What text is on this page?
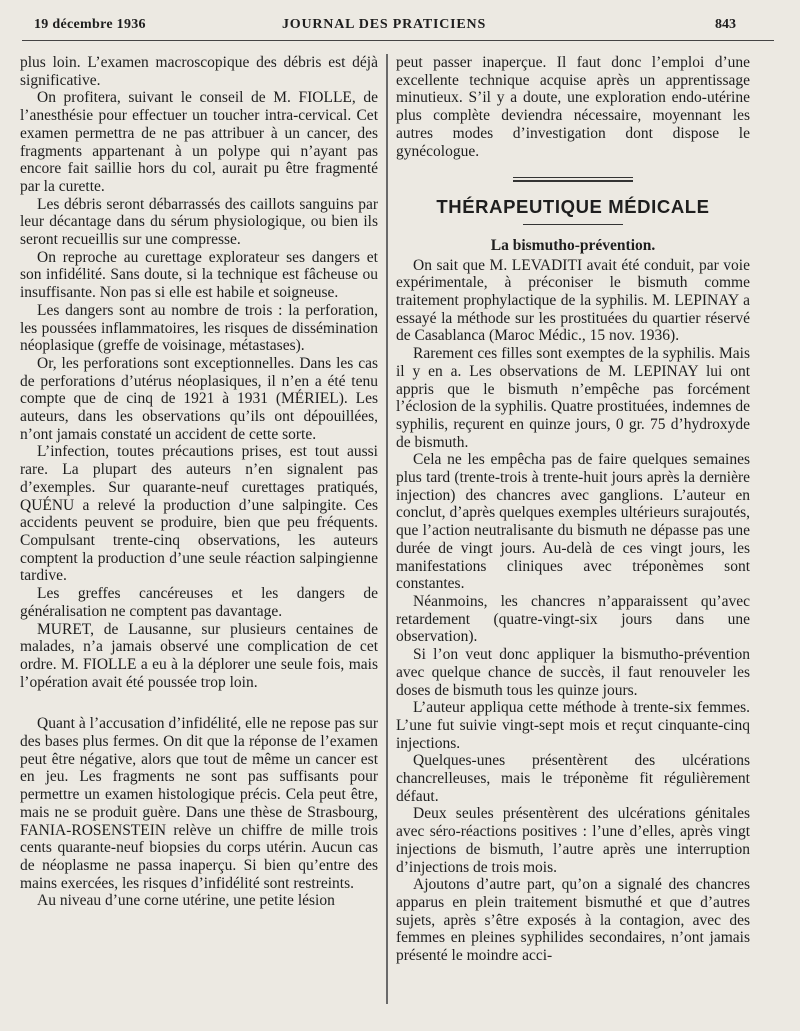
19 décembre 1936	JOURNAL DES PRATICIENS	843

plus loin. L’examen macroscopique des débris est déjà significative.

On profitera, suivant le conseil de M. FIOLLE, de l’anesthésie pour effectuer un toucher intra-cervical. Cet examen permettra de ne pas attribuer à un cancer, des fragments appartenant à un polype qui n’ayant pas encore fait saillie hors du col, aurait pu être fragmenté par la curette.

Les débris seront débarrassés des caillots sanguins par leur décantage dans du sérum physiologique, ou bien ils seront recueillis sur une compresse.

On reproche au curettage explorateur ses dangers et son infidélité. Sans doute, si la technique est fâcheuse ou insuffisante. Non pas si elle est habile et soigneuse.

Les dangers sont au nombre de trois : la perforation, les poussées inflammatoires, les risques de dissémination néoplasique (greffe de voisinage, métastases).

Or, les perforations sont exceptionnelles. Dans les cas de perforations d’utérus néoplasiques, il n’en a été tenu compte que de cinq de 1921 à 1931 (MÉRIEL). Les auteurs, dans les observations qu’ils ont dépouillées, n’ont jamais constaté un accident de cette sorte.

L’infection, toutes précautions prises, est tout aussi rare. La plupart des auteurs n’en signalent pas d’exemples. Sur quarante-neuf curettages pratiqués, QUÉNU a relevé la production d’une salpingite. Ces accidents peuvent se produire, bien que peu fréquents. Compulsant trente-cinq observations, les auteurs comptent la production d’une seule réaction salpingienne tardive.

Les greffes cancéreuses et les dangers de généralisation ne comptent pas davantage.

MURET, de Lausanne, sur plusieurs centaines de malades, n’a jamais observé une complication de cet ordre. M. FIOLLE a eu à la déplorer une seule fois, mais l’opération avait été poussée trop loin.

Quant à l’accusation d’infidélité, elle ne repose pas sur des bases plus fermes. On dit que la réponse de l’examen peut être négative, alors que tout de même un cancer est en jeu. Les fragments ne sont pas suffisants pour permettre un examen histologique précis. Cela peut être, mais ne se produit guère. Dans une thèse de Strasbourg, FANIA-ROSENSTEIN relève un chiffre de mille trois cents quarante-neuf biopsies du corps utérin. Aucun cas de néoplasme ne passa inaperçu. Si bien qu’entre des mains exercées, les risques d’infidélité sont restreints.

Au niveau d’une corne utérine, une petite lésion

peut passer inaperçue. Il faut donc l’emploi d’une excellente technique acquise après un apprentissage minutieux. S’il y a doute, une exploration endo-utérine plus complète deviendra nécessaire, moyennant les autres modes d’investigation dont dispose le gynécologue.

THÉRAPEUTIQUE MÉDICALE
La bismutho-prévention.

On sait que M. LEVADITI avait été conduit, par voie expérimentale, à préconiser le bismuth comme traitement prophylactique de la syphilis. M. LEPINAY a essayé la méthode sur les prostituées du quartier réservé de Casablanca (Maroc Médic., 15 nov. 1936).

Rarement ces filles sont exemptes de la syphilis. Mais il y en a. Les observations de M. LEPINAY lui ont appris que le bismuth n’empêche pas forcément l’éclosion de la syphilis. Quatre prostituées, indemnes de syphilis, reçurent en quinze jours, 0 gr. 75 d’hydroxyde de bismuth.

Cela ne les empêcha pas de faire quelques semaines plus tard (trente-trois à trente-huit jours après la dernière injection) des chancres avec ganglions. L’auteur en conclut, d’après quelques exemples ultérieurs surajoutés, que l’action neutralisante du bismuth ne dépasse pas une durée de vingt jours. Au-delà de ces vingt jours, les manifestations cliniques avec tréponèmes sont constantes.

Néanmoins, les chancres n’apparaissent qu’avec retardement (quatre-vingt-six jours dans une observation).

Si l’on veut donc appliquer la bismutho-prévention avec quelque chance de succès, il faut renouveler les doses de bismuth tous les quinze jours.

L’auteur appliqua cette méthode à trente-six femmes. L’une fut suivie vingt-sept mois et reçut cinquante-cinq injections.

Quelques-unes présentèrent des ulcérations chancrelleuses, mais le tréponème fit régulièrement défaut.

Deux seules présentèrent des ulcérations génitales avec séro-réactions positives : l’une d’elles, après vingt injections de bismuth, l’autre après une interruption d’injections de trois mois.

Ajoutons d’autre part, qu’on a signalé des chancres apparus en plein traitement bismuthé et que d’autres sujets, après s’être exposés à la contagion, avec des femmes en pleines syphilides secondaires, n’ont jamais présenté le moindre acci-
